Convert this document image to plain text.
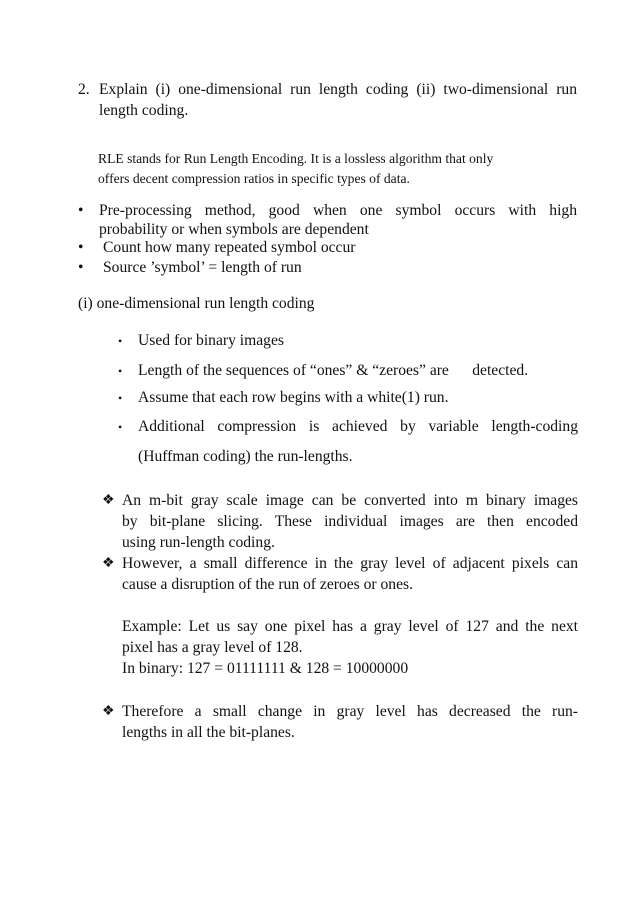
2. Explain (i) one-dimensional run length coding (ii) two-dimensional run
length coding.
RLE stands for Run Length Encoding. It is a lossless algorithm that only
offers decent compression ratios in specific types of data.
• Pre-processing method, good when one symbol occurs with high
probability or when symbols are dependent
• Count how many repeated symbol occur
• Source ’symbol’ = length of run
(i) one-dimensional run length coding
• Used for binary images
• Length of the sequences of “ones” & “zeroes” are      detected.
• Assume that each row begins with a white(1) run.
• Additional compression is achieved by variable length-coding
(Huffman coding) the run-lengths.
❖ An m-bit gray scale image can be converted into m binary images
by bit-plane slicing. These individual images are then encoded
using run-length coding.
❖ However, a small difference in the gray level of adjacent pixels can
cause a disruption of the run of zeroes or ones.
Example: Let us say one pixel has a gray level of 127 and the next
pixel has a gray level of 128.
In binary: 127 = 01111111 & 128 = 10000000
❖ Therefore a small change in gray level has decreased the run-
lengths in all the bit-planes.
